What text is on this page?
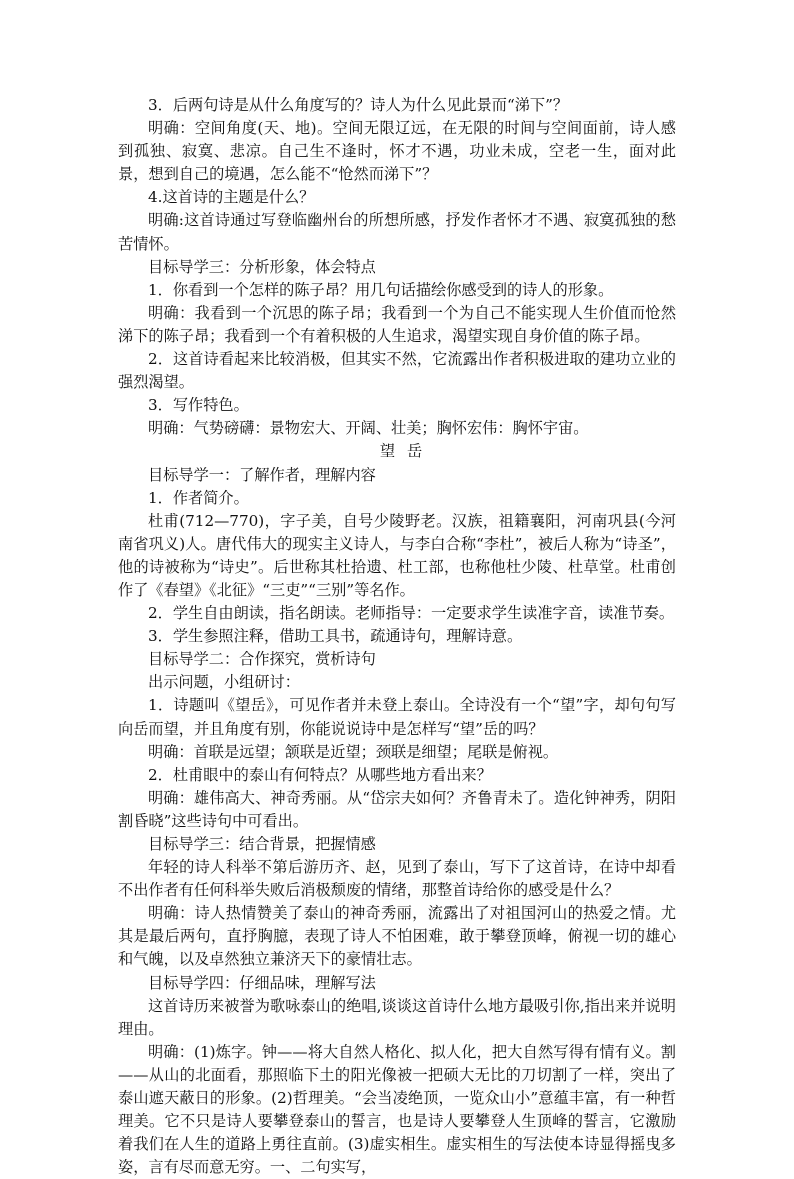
3．后两句诗是从什么角度写的？诗人为什么见此景而“涕下”？

明确：空间角度(天、地)。空间无限辽远，在无限的时间与空间面前，诗人感到孤独、寂寞、悲凉。自己生不逢时，怀才不遇，功业未成，空老一生，面对此景，想到自己的境遇，怎么能不“怆然而涕下”？

4.这首诗的主题是什么？

明确:这首诗通过写登临幽州台的所想所感，抒发作者怀才不遇、寂寞孤独的愁苦情怀。

目标导学三：分析形象，体会特点

1．你看到一个怎样的陈子昂？用几句话描绘你感受到的诗人的形象。

明确：我看到一个沉思的陈子昂；我看到一个为自己不能实现人生价值而怆然涕下的陈子昂；我看到一个有着积极的人生追求，渴望实现自身价值的陈子昂。

2．这首诗看起来比较消极，但其实不然，它流露出作者积极进取的建功立业的强烈渴望。

3．写作特色。

明确：气势磅礴：景物宏大、开阔、壮美；胸怀宏伟：胸怀宇宙。

望岳

目标导学一：了解作者，理解内容

1．作者简介。

杜甫(712—770)，字子美，自号少陵野老。汉族，祖籍襄阳，河南巩县(今河南省巩义)人。唐代伟大的现实主义诗人，与李白合称“李杜”，被后人称为“诗圣”，他的诗被称为“诗史”。后世称其杜拾遗、杜工部，也称他杜少陵、杜草堂。杜甫创作了《春望》《北征》“三吏”“三别”等名作。

2．学生自由朗读，指名朗读。老师指导：一定要求学生读准字音，读准节奏。

3．学生参照注释，借助工具书，疏通诗句，理解诗意。

目标导学二：合作探究，赏析诗句

出示问题，小组研讨：

1．诗题叫《望岳》，可见作者并未登上泰山。全诗没有一个“望”字，却句句写向岳而望，并且角度有别，你能说说诗中是怎样写“望”岳的吗？

明确：首联是远望；颔联是近望；颈联是细望；尾联是俯视。

2．杜甫眼中的泰山有何特点？从哪些地方看出来？

明确：雄伟高大、神奇秀丽。从“岱宗夫如何？齐鲁青未了。造化钟神秀，阴阳割昏晓”这些诗句中可看出。

目标导学三：结合背景，把握情感

年轻的诗人科举不第后游历齐、赵，见到了泰山，写下了这首诗，在诗中却看不出作者有任何科举失败后消极颓废的情绪，那整首诗给你的感受是什么？

明确：诗人热情赞美了泰山的神奇秀丽，流露出了对祖国河山的热爱之情。尤其是最后两句，直抒胸臆，表现了诗人不怕困难，敢于攀登顶峰，俯视一切的雄心和气魄，以及卓然独立兼济天下的豪情壮志。

目标导学四：仔细品味，理解写法

这首诗历来被誉为歌咏泰山的绝唱,谈谈这首诗什么地方最吸引你,指出来并说明理由。

明确：(1)炼字。钟——将大自然人格化、拟人化，把大自然写得有情有义。割——从山的北面看，那照临下土的阳光像被一把硕大无比的刀切割了一样，突出了泰山遮天蔽日的形象。(2)哲理美。“会当凌绝顶，一览众山小”意蕴丰富，有一种哲理美。它不只是诗人要攀登泰山的誓言，也是诗人要攀登人生顶峰的誓言，它激励着我们在人生的道路上勇往直前。(3)虚实相生。虚实相生的写法使本诗显得摇曳多姿，言有尽而意无穷。一、二句实写，
